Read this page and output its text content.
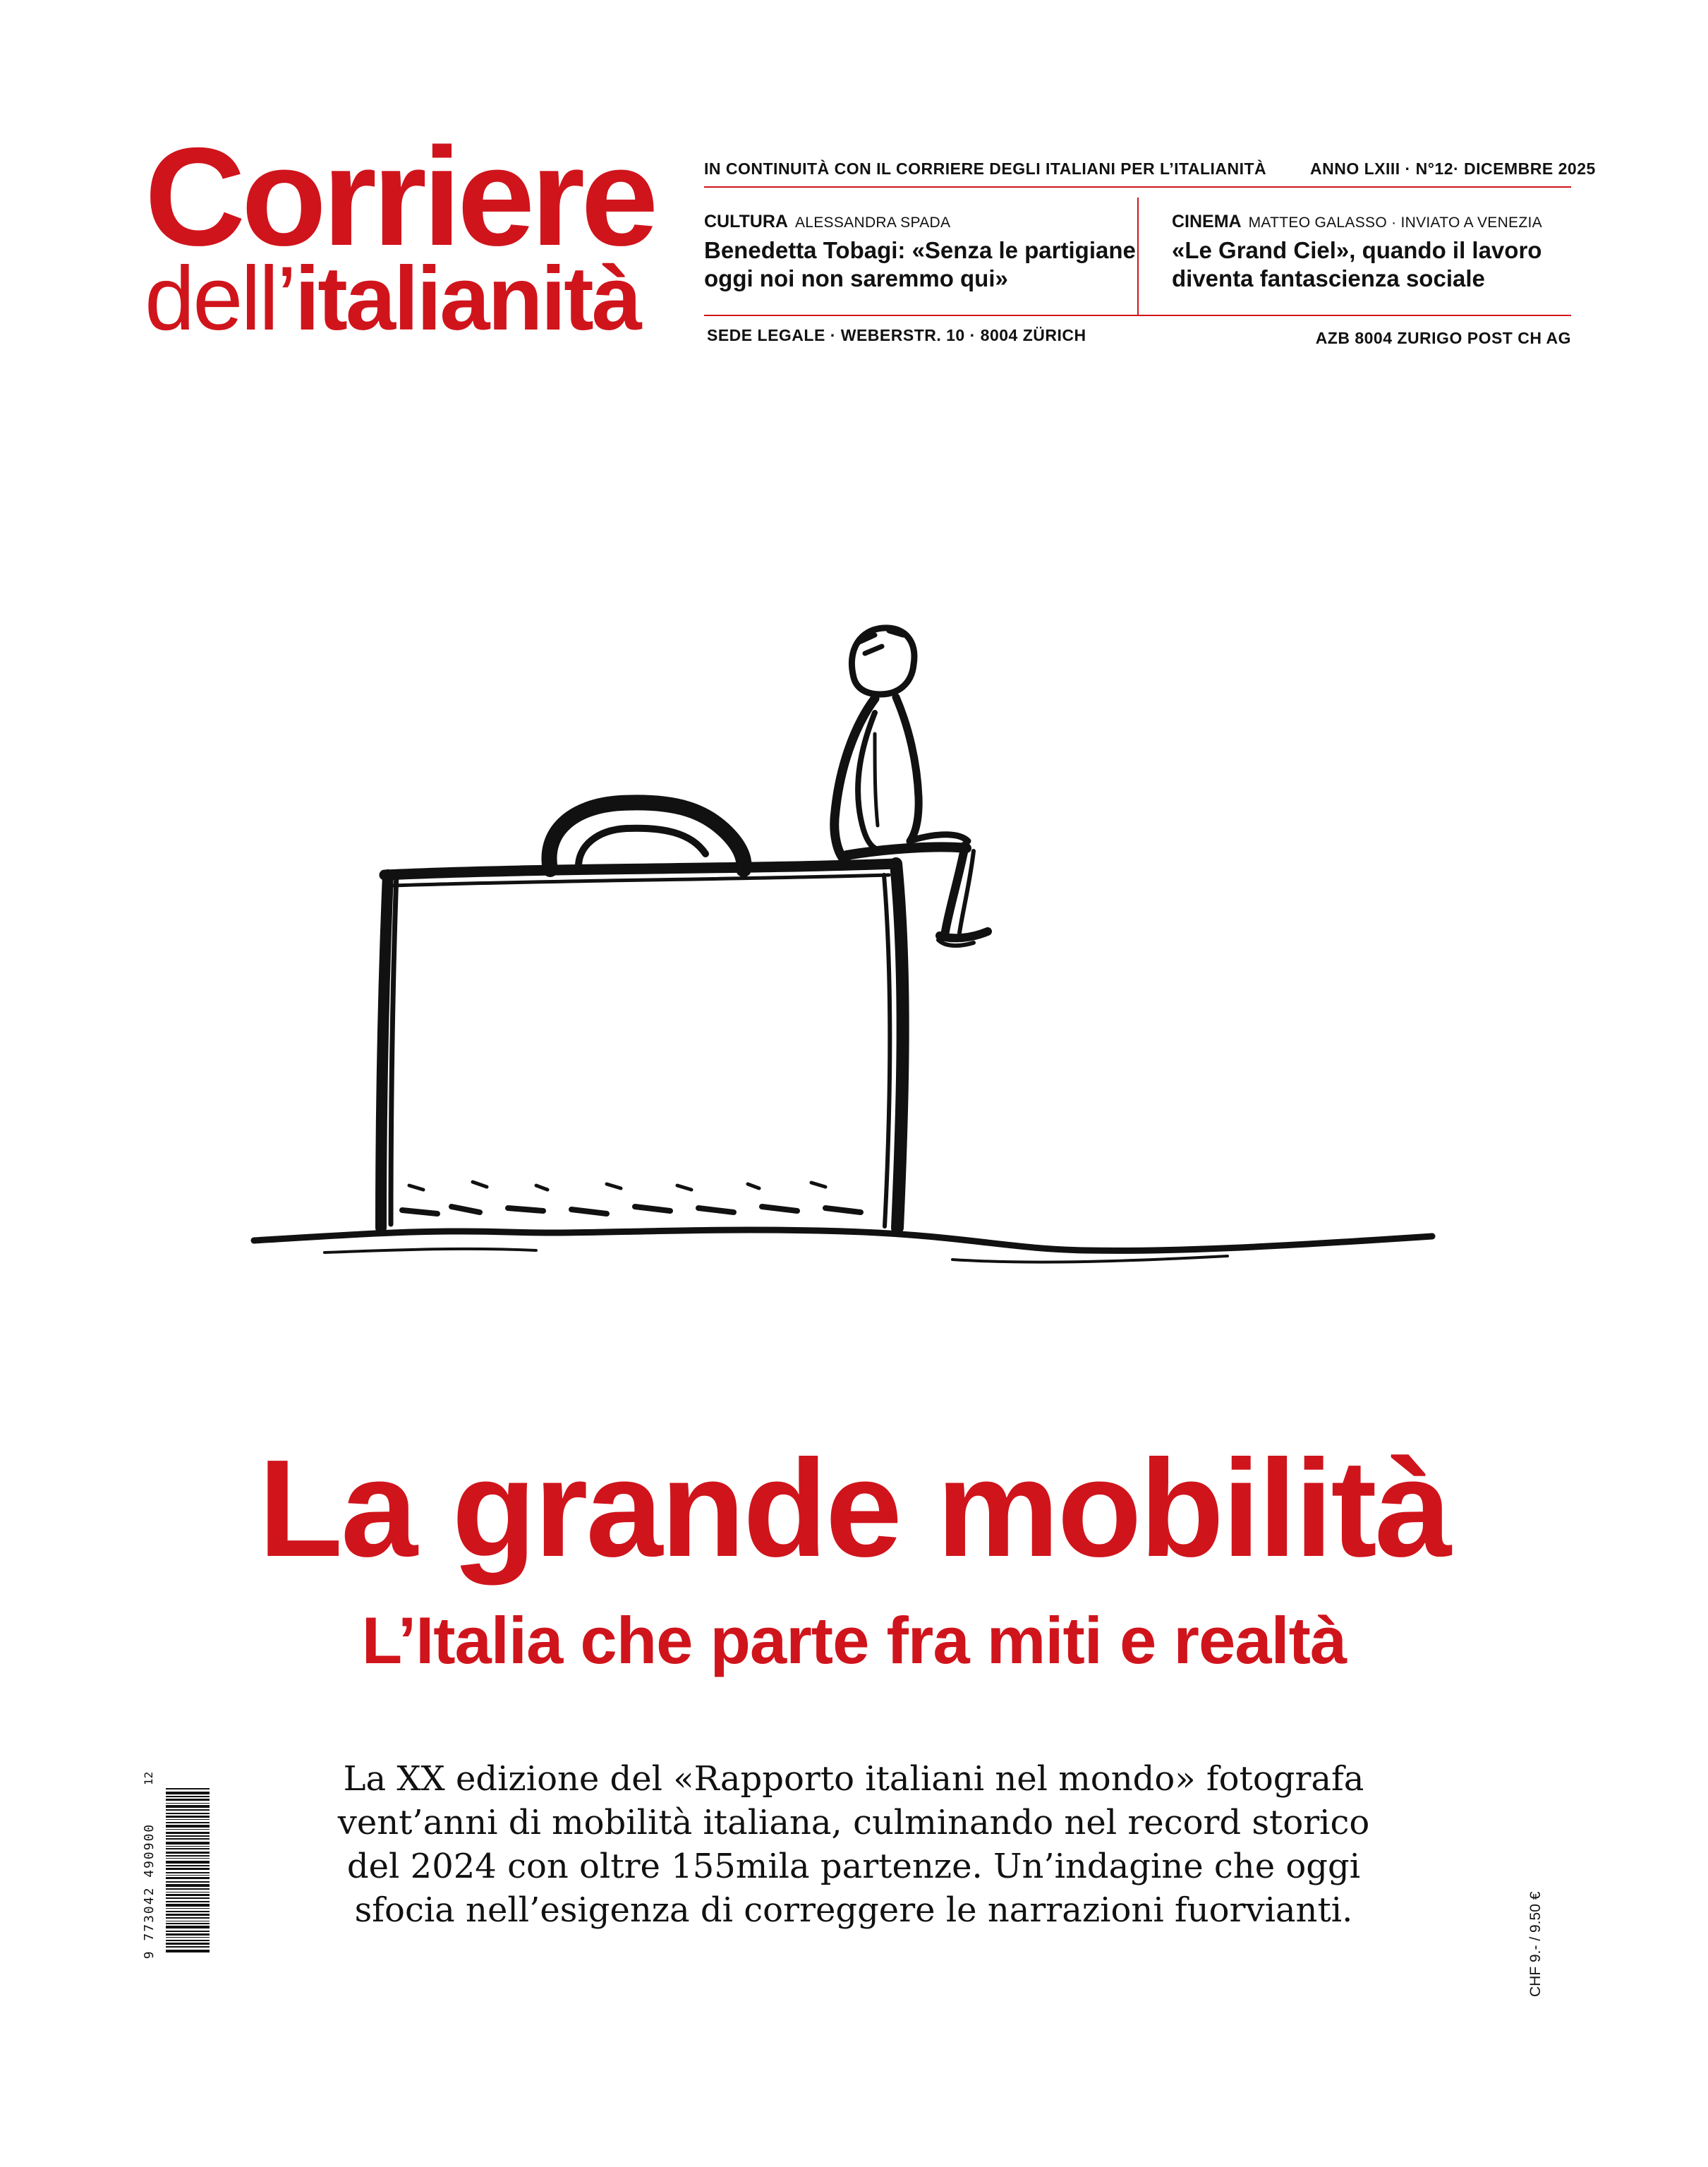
Corriere
dell’italianità
IN CONTINUITÀ CON IL CORRIERE DEGLI ITALIANI PER L’ITALIANITÀ	ANNO LXIII · N°12· DICEMBRE 2025
CULTURA ALESSANDRA SPADA
Benedetta Tobagi: «Senza le partigiane
oggi noi non saremmo qui»
CINEMA MATTEO GALASSO · INVIATO A VENEZIA
«Le Grand Ciel», quando il lavoro
diventa fantascienza sociale
SEDE LEGALE · WEBERSTR. 10 · 8004 ZÜRICH	AZB 8004 ZURIGO POST CH AG
La grande mobilità
L’Italia che parte fra miti e realtà
La XX edizione del «Rapporto italiani nel mondo» fotografa
vent’anni di mobilità italiana, culminando nel record storico
del 2024 con oltre 155mila partenze. Un’indagine che oggi
sfocia nell’esigenza di correggere le narrazioni fuorvianti.
9 773042 490900
12
CHF 9.- / 9.50 €
